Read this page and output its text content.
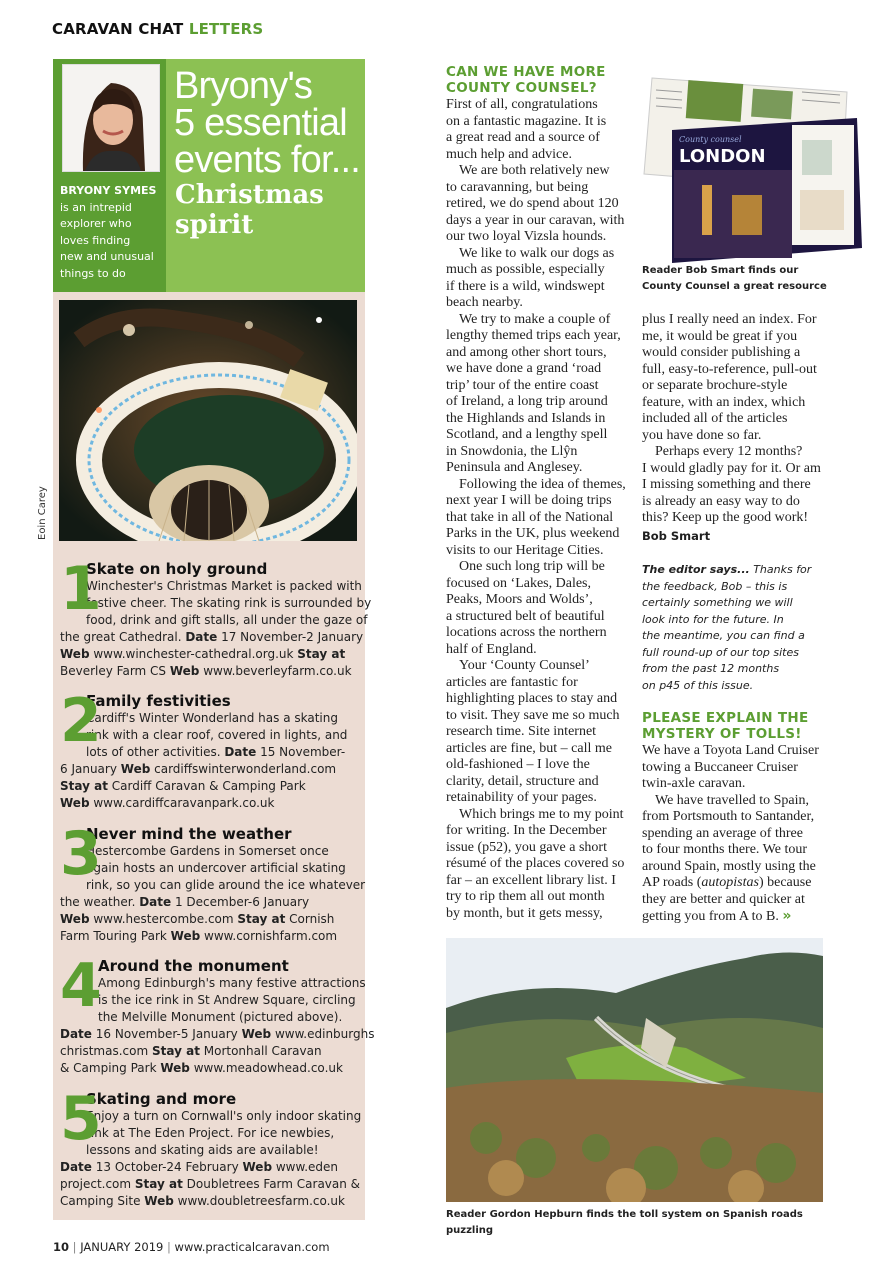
CARAVAN CHAT LETTERS
BRYONY SYMES
is an intrepid
explorer who
loves finding
new and unusual
things to do
Bryony's
5 essential
events for...
Christmas
spirit
Eoin Carey
1
Skate on holy ground
Winchester's Christmas Market is packed with
festive cheer. The skating rink is surrounded by
food, drink and gift stalls, all under the gaze of
the great Cathedral. Date 17 November-2 January
Web www.winchester-cathedral.org.uk Stay at
Beverley Farm CS Web www.beverleyfarm.co.uk
2
Family festivities
Cardiff's Winter Wonderland has a skating
rink with a clear roof, covered in lights, and
lots of other activities. Date 15 November-
6 January Web cardiffswinterwonderland.com
Stay at Cardiff Caravan & Camping Park
Web www.cardiffcaravanpark.co.uk
3
Never mind the weather
Hestercombe Gardens in Somerset once
again hosts an undercover artificial skating
rink, so you can glide around the ice whatever
the weather. Date 1 December-6 January
Web www.hestercombe.com Stay at Cornish
Farm Touring Park Web www.cornishfarm.com
4
Around the monument
Among Edinburgh's many festive attractions
is the ice rink in St Andrew Square, circling
the Melville Monument (pictured above).
Date 16 November-5 January Web www.edinburghs
christmas.com Stay at Mortonhall Caravan
& Camping Park Web www.meadowhead.co.uk
5
Skating and more
Enjoy a turn on Cornwall's only indoor skating
rink at The Eden Project. For ice newbies,
lessons and skating aids are available!
Date 13 October-24 February Web www.eden
project.com Stay at Doubletrees Farm Caravan &
Camping Site Web www.doubletreesfarm.co.uk
CAN WE HAVE MORE
COUNTY COUNSEL?
First of all, congratulations
on a fantastic magazine. It is
a great read and a source of
much help and advice.
We are both relatively new
to caravanning, but being
retired, we do spend about 120
days a year in our caravan, with
our two loyal Vizsla hounds.
We like to walk our dogs as
much as possible, especially
if there is a wild, windswept
beach nearby.
We try to make a couple of
lengthy themed trips each year,
and among other short tours,
we have done a grand ‘road
trip’ tour of the entire coast
of Ireland, a long trip around
the Highlands and Islands in
Scotland, and a lengthy spell
in Snowdonia, the Llŷn
Peninsula and Anglesey.
Following the idea of themes,
next year I will be doing trips
that take in all of the National
Parks in the UK, plus weekend
visits to our Heritage Cities.
One such long trip will be
focused on ‘Lakes, Dales,
Peaks, Moors and Wolds’,
a structured belt of beautiful
locations across the northern
half of England.
Your ‘County Counsel’
articles are fantastic for
highlighting places to stay and
to visit. They save me so much
research time. Site internet
articles are fine, but – call me
old-fashioned – I love the
clarity, detail, structure and
retainability of your pages.
Which brings me to my point
for writing. In the December
issue (p52), you gave a short
résumé of the places covered so
far – an excellent library list. I
try to rip them all out month
by month, but it gets messy,
County counsel
LONDON
Reader Bob Smart finds our
County Counsel a great resource
plus I really need an index. For
me, it would be great if you
would consider publishing a
full, easy-to-reference, pull-out
or separate brochure-style
feature, with an index, which
included all of the articles
you have done so far.
Perhaps every 12 months?
I would gladly pay for it. Or am
I missing something and there
is already an easy way to do
this? Keep up the good work!
Bob Smart
The editor says... Thanks for
the feedback, Bob – this is
certainly something we will
look into for the future. In
the meantime, you can find a
full round-up of our top sites
from the past 12 months
on p45 of this issue.
PLEASE EXPLAIN THE
MYSTERY OF TOLLS!
We have a Toyota Land Cruiser
towing a Buccaneer Cruiser
twin-axle caravan.
We have travelled to Spain,
from Portsmouth to Santander,
spending an average of three
to four months there. We tour
around Spain, mostly using the
AP roads (autopistas) because
they are better and quicker at
getting you from A to B. »
Reader Gordon Hepburn finds the toll system on Spanish roads puzzling
10 | JANUARY 2019 | www.practicalcaravan.com
